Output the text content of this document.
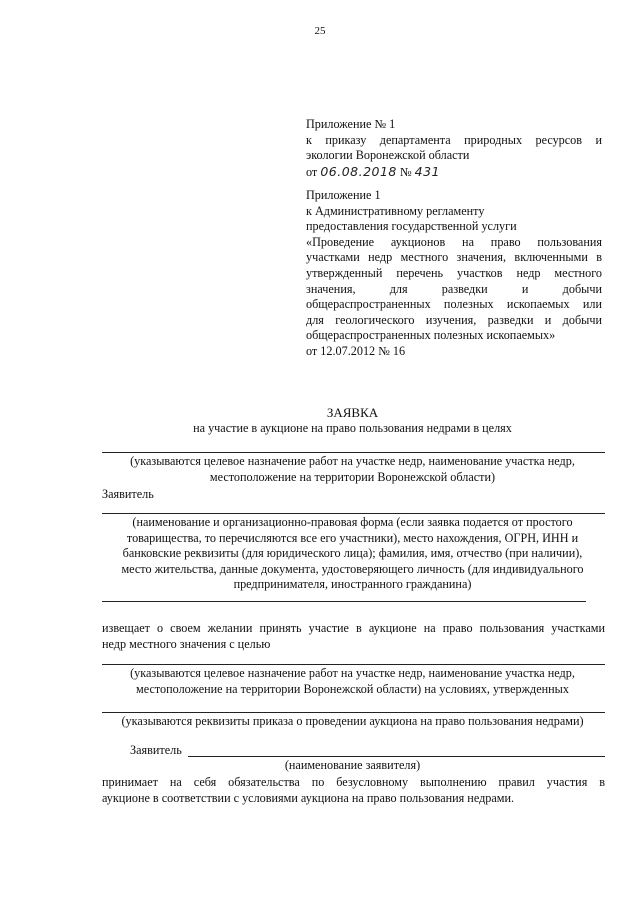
25
Приложение № 1
к приказу департамента природных ресурсов и
экологии Воронежской области
от 06.08.2018 № 431
Приложение 1
к Административному регламенту
предоставления государственной услуги
«Проведение аукционов на право пользования
участками недр местного значения, включенными в
утвержденный перечень участков недр местного
значения, для разведки и добычи
общераспространенных полезных ископаемых или
для геологического изучения, разведки и добычи
общераспространенных полезных ископаемых»
от 12.07.2012 № 16
ЗАЯВКА
на участие в аукционе на право пользования недрами в целях
(указываются целевое назначение работ на участке недр, наименование участка недр,
местоположение на территории Воронежской области)
Заявитель
(наименование и организационно-правовая форма (если заявка подается от простого
товарищества, то перечисляются все его участники), место нахождения, ОГРН, ИНН и
банковские реквизиты (для юридического лица); фамилия, имя, отчество (при наличии),
место жительства, данные документа, удостоверяющего личность (для индивидуального
предпринимателя, иностранного гражданина)
извещает о своем желании принять участие в аукционе на право пользования участками
недр местного значения с целью
(указываются целевое назначение работ на участке недр, наименование участка недр,
местоположение на территории Воронежской области) на условиях, утвержденных
(указываются реквизиты приказа о проведении аукциона на право пользования недрами)
Заявитель
(наименование заявителя)
принимает на себя обязательства по безусловному выполнению правил участия в
аукционе в соответствии с условиями аукциона на право пользования недрами.
